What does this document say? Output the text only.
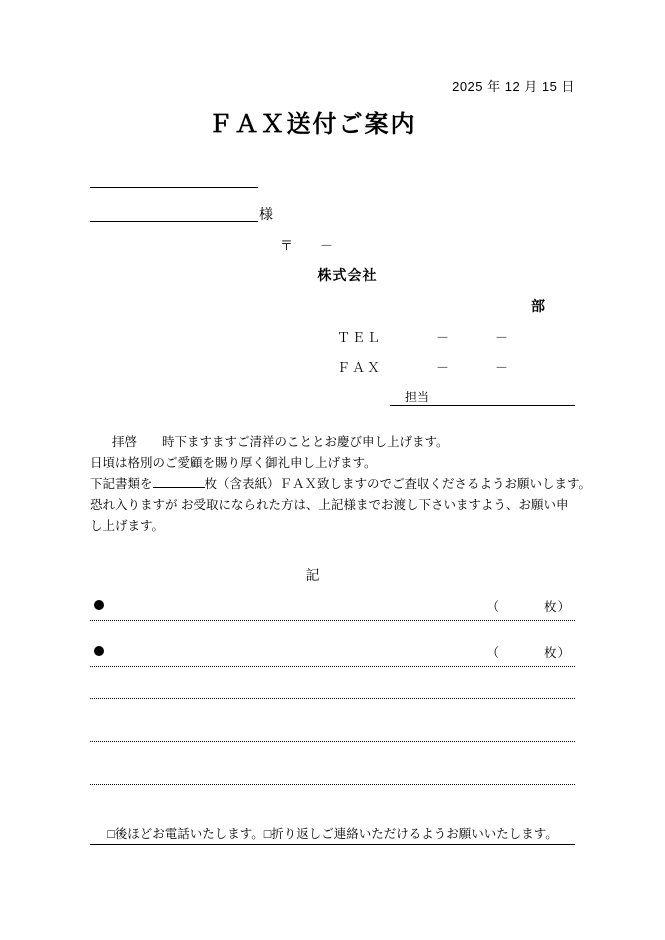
2025 年 12 月 15 日
ＦＡＸ送付ご案内
様
〒 －
株式会社
部
ＴＥＬ	－	－
ＦＡＸ	－	－
担当

拝啓　　時下ますますご清祥のこととお慶び申し上げます。

日頃は格別のご愛顧を賜り厚く御礼申し上げます。

下記書類を	枚（含表紙）ＦＡＸ致しますのでご査収くださるようお願いします。

恐れ入りますが お受取になられた方は、上記様までお渡し下さいますよう、お願い申

し上げます。

記
（	枚）
（	枚）
□後ほどお電話いたします。□折り返しご連絡いただけるようお願いいたします。
